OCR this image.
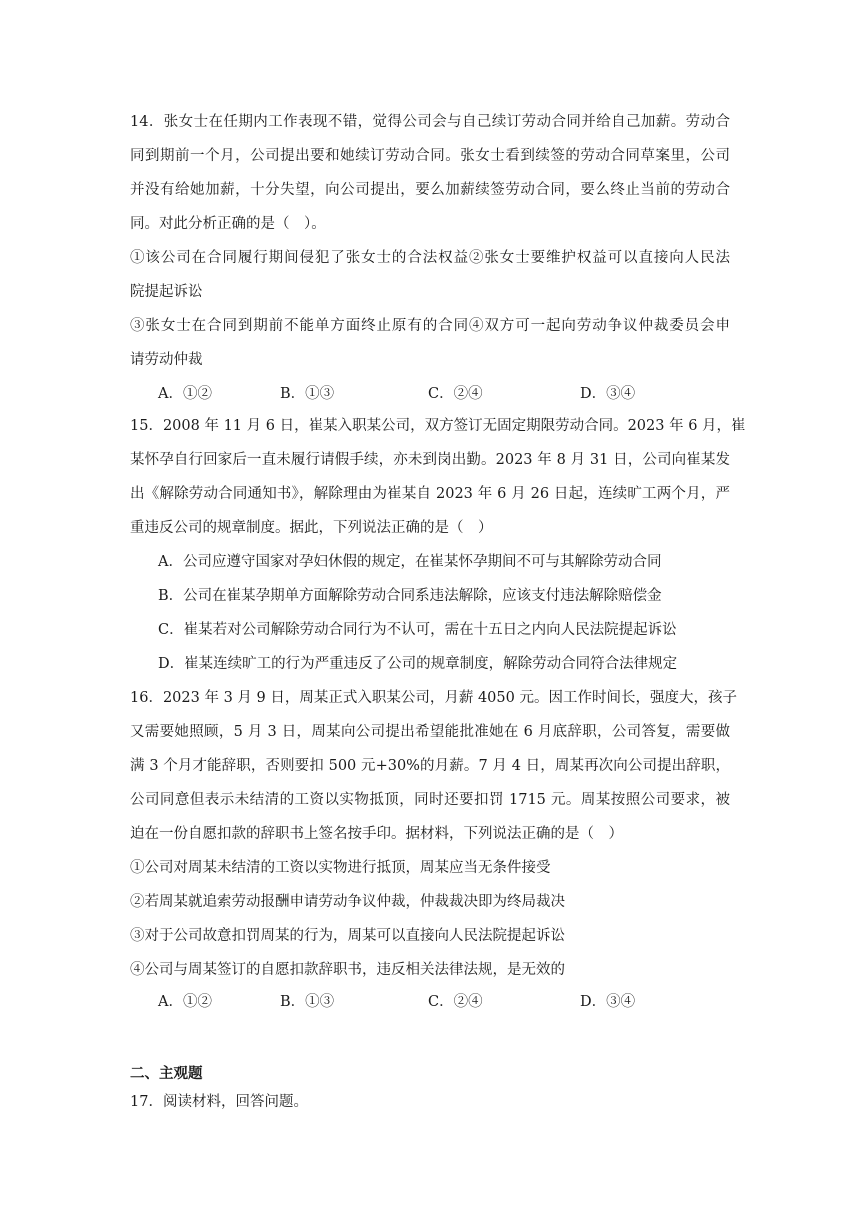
14．张女士在任期内工作表现不错，觉得公司会与自己续订劳动合同并给自己加薪。劳动合
同到期前一个月，公司提出要和她续订劳动合同。张女士看到续签的劳动合同草案里，公司
并没有给她加薪，十分失望，向公司提出，要么加薪续签劳动合同，要么终止当前的劳动合
同。对此分析正确的是（　）。
①该公司在合同履行期间侵犯了张女士的合法权益②张女士要维护权益可以直接向人民法
院提起诉讼
③张女士在合同到期前不能单方面终止原有的合同④双方可一起向劳动争议仲裁委员会申
请劳动仲裁
A．①②	B．①③	C．②④	D．③④
15．2008 年 11 月 6 日，崔某入职某公司，双方签订无固定期限劳动合同。2023 年 6 月，崔
某怀孕自行回家后一直未履行请假手续，亦未到岗出勤。2023 年 8 月 31 日，公司向崔某发
出《解除劳动合同通知书》，解除理由为崔某自 2023 年 6 月 26 日起，连续旷工两个月，严
重违反公司的规章制度。据此，下列说法正确的是（　）
A．公司应遵守国家对孕妇休假的规定，在崔某怀孕期间不可与其解除劳动合同
B．公司在崔某孕期单方面解除劳动合同系违法解除，应该支付违法解除赔偿金
C．崔某若对公司解除劳动合同行为不认可，需在十五日之内向人民法院提起诉讼
D．崔某连续旷工的行为严重违反了公司的规章制度，解除劳动合同符合法律规定
16．2023 年 3 月 9 日，周某正式入职某公司，月薪 4050 元。因工作时间长，强度大，孩子
又需要她照顾，5 月 3 日，周某向公司提出希望能批准她在 6 月底辞职，公司答复，需要做
满 3 个月才能辞职，否则要扣 500 元+30%的月薪。7 月 4 日，周某再次向公司提出辞职，
公司同意但表示未结清的工资以实物抵顶，同时还要扣罚 1715 元。周某按照公司要求，被
迫在一份自愿扣款的辞职书上签名按手印。据材料，下列说法正确的是（　）
①公司对周某未结清的工资以实物进行抵顶，周某应当无条件接受
②若周某就追索劳动报酬申请劳动争议仲裁，仲裁裁决即为终局裁决
③对于公司故意扣罚周某的行为，周某可以直接向人民法院提起诉讼
④公司与周某签订的自愿扣款辞职书，违反相关法律法规，是无效的
A．①②	B．①③	C．②④	D．③④
二、主观题
17．阅读材料，回答问题。
